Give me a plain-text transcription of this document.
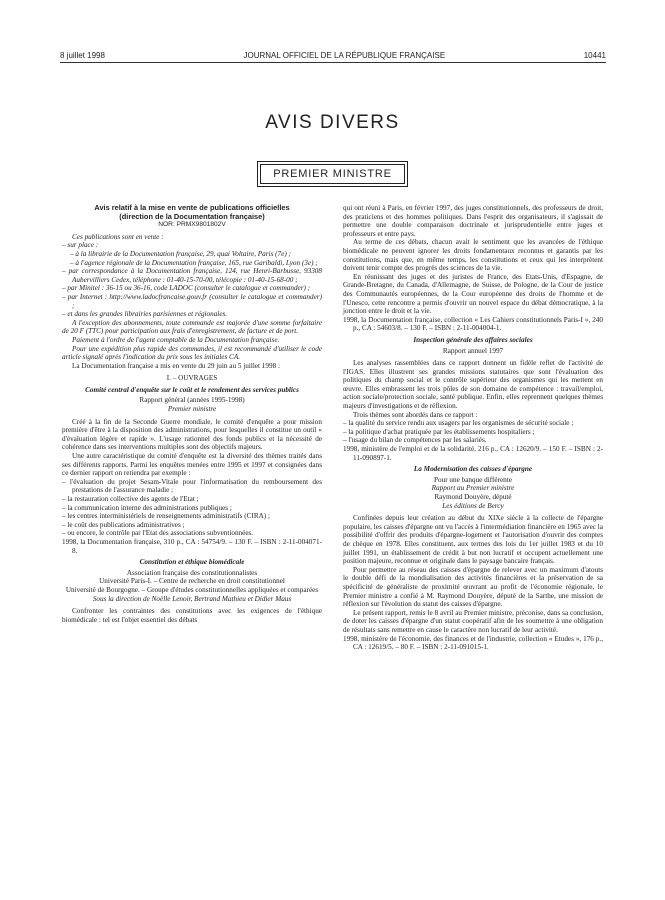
8 juillet 1998	JOURNAL OFFICIEL DE LA RÉPUBLIQUE FRANÇAISE	10441
AVIS DIVERS
PREMIER MINISTRE
Avis relatif à la mise en vente de publications officielles
(direction de la Documentation française)
NOR: PRMX9801802V

Ces publications sont en vente :

– sur place :

– à la librairie de la Documentation française, 29, quai Voltaire, Paris (7e) ;

– à l'agence régionale de la Documentation française, 165, rue Garibaldi, Lyon (3e) ;

– par correspondance à la Documentation française, 124, rue Henri-Barbusse, 93308 Aubervilliers Cedex, téléphone : 01-40-15-70-00, télécopie : 01-40-15-68-00 ;

– par Minitel : 36-15 ou 36-16, code LADOC (consulter le catalogue et commander) ;

– par Internet : http://www.ladocfrancaise.gouv.fr (consulter le catalogue et commander) ;

– et dans les grandes librairies parisiennes et régionales.

A l'exception des abonnements, toute commande est majorée d'une somme forfaitaire de 20 F (TTC) pour participation aux frais d'enregistrement, de facture et de port.

Paiement à l'ordre de l'agent comptable de la Documentation française.

Pour une expédition plus rapide des commandes, il est recommandé d'utiliser le code article signalé après l'indication du prix sous les initiales CA.

La Documentation française a mis en vente du 29 juin au 5 juillet 1998 :

I. – OUVRAGES
Comité central d'enquête sur le coût et le rendement des services publics

Rapport général (années 1995-1998)

Premier ministre

Créé à la fin de la Seconde Guerre mondiale, le comité d'enquête a pour mission première d'être à la disposition des administrations, pour lesquelles il constitue un outil « d'évaluation légère et rapide ». L'usage rationnel des fonds publics et la nécessité de cohérence dans ses interventions multiples sont des objectifs majeurs.

Une autre caractéristique du comité d'enquête est la diversité des thèmes traités dans ses différents rapports. Parmi les enquêtes menées entre 1995 et 1997 et consignées dans ce dernier rapport on retiendra par exemple :

– l'évaluation du projet Sesam-Vitale pour l'informatisation du remboursement des prestations de l'assurance maladie ;

– la restauration collective des agents de l'Etat ;

– la communication interne des administrations publiques ;

– les centres interministériels de renseignements administratifs (CIRA) ;

– le coût des publications administratives ;

– ou encore, le contrôle par l'Etat des associations subventionnées.

1998, la Documentation française, 310 p., CA : 54754/9. – 130 F. – ISBN : 2-11-004071-8.

Constitution et éthique biomédicale

Association française des constitutionnalistes

Université Paris-I. – Centre de recherche en droit constitutionnel

Université de Bourgogne. – Groupe d'études constitutionnelles appliquées et comparées

Sous la direction de Noëlle Lenoir, Bertrand Mathieu et Didier Maus

Confronter les contraintes des constitutions avec les exigences de l'éthique biomédicale : tel est l'objet essentiel des débats

qui ont réuni à Paris, en février 1997, des juges constitutionnels, des professeurs de droit, des praticiens et des hommes politiques. Dans l'esprit des organisateurs, il s'agissait de permettre une double comparaison doctrinale et jurisprudentielle entre juges et professeurs et entre pays.

Au terme de ces débats, chacun avait le sentiment que les avancées de l'éthique biomédicale ne peuvent ignorer les droits fondamentaux reconnus et garantis par les constitutions, mais que, en même temps, les constitutions et ceux qui les interprètent doivent tenir compte des progrès des sciences de la vie.

En réunissant des juges et des juristes de France, des Etats-Unis, d'Espagne, de Grande-Bretagne, du Canada, d'Allemagne, de Suisse, de Pologne, de la Cour de justice des Communautés européennes, de la Cour européenne des droits de l'homme et de l'Unesco, cette rencontre a permis d'ouvrir un nouvel espace du débat démocratique, à la jonction entre le droit et la vie.

1998, la Documentation française, collection « Les Cahiers constitutionnels Paris-I », 240 p., CA : 54603/8. – 130 F. – ISBN : 2-11-004004-1.

Inspection générale des affaires sociales

Rapport annuel 1997

Les analyses rassemblées dans ce rapport donnent un fidèle reflet de l'activité de l'IGAS. Elles illustrent ses grandes missions statutaires que sont l'évaluation des politiques du champ social et le contrôle supérieur des organismes qui les mettent en œuvre. Elles embrassent les trois pôles de son domaine de compétence : travail/emploi, action sociale/protection sociale, santé publique. Enfin, elles reprennent quelques thèmes majeurs d'investigations et de réflexion.

Trois thèmes sont abordés dans ce rapport :

– la qualité du service rendu aux usagers par les organismes de sécurité sociale ;

– la politique d'achat pratiquée par les établissements hospitaliers ;

– l'usage du bilan de compétences par les salariés.

1998, ministère de l'emploi et de la solidarité, 216 p., CA : 12620/9. – 150 F. – ISBN : 2-11-090897-1.

La Modernisation des caisses d'épargne

Pour une banque différente

Rapport au Premier ministre

Raymond Douyère, député

Les éditions de Bercy

Confinées depuis leur création au début du XIXe siècle à la collecte de l'épargne populaire, les caisses d'épargne ont vu l'accès à l'intermédiation financière en 1965 avec la possibilité d'offrir des produits d'épargne-logement et l'autorisation d'ouvrir des comptes de chèque en 1978. Elles constituent, aux termes des lois du 1er juillet 1983 et du 10 juillet 1991, un établissement de crédit à but non lucratif et occupent actuellement une position majeure, reconnue et originale dans le paysage bancaire français.

Pour permettre au réseau des caisses d'épargne de relever avec un maximum d'atouts le double défi de la mondialisation des activités financières et la préservation de sa spécificité de généraliste de proximité œuvrant au profit de l'économie régionale, le Premier ministre a confié à M. Raymond Douyère, député de la Sarthe, une mission de réflexion sur l'évolution du statut des caisses d'épargne.

Le présent rapport, remis le 8 avril au Premier ministre, préconise, dans sa conclusion, de doter les caisses d'épargne d'un statut coopératif afin de les soumettre à une obligation de résultats sans remettre en cause le caractère non lucratif de leur activité.

1998, ministère de l'économie, des finances et de l'industrie, collection « Etudes », 176 p., CA : 12619/5. – 80 F. – ISBN : 2-11-091015-1.
